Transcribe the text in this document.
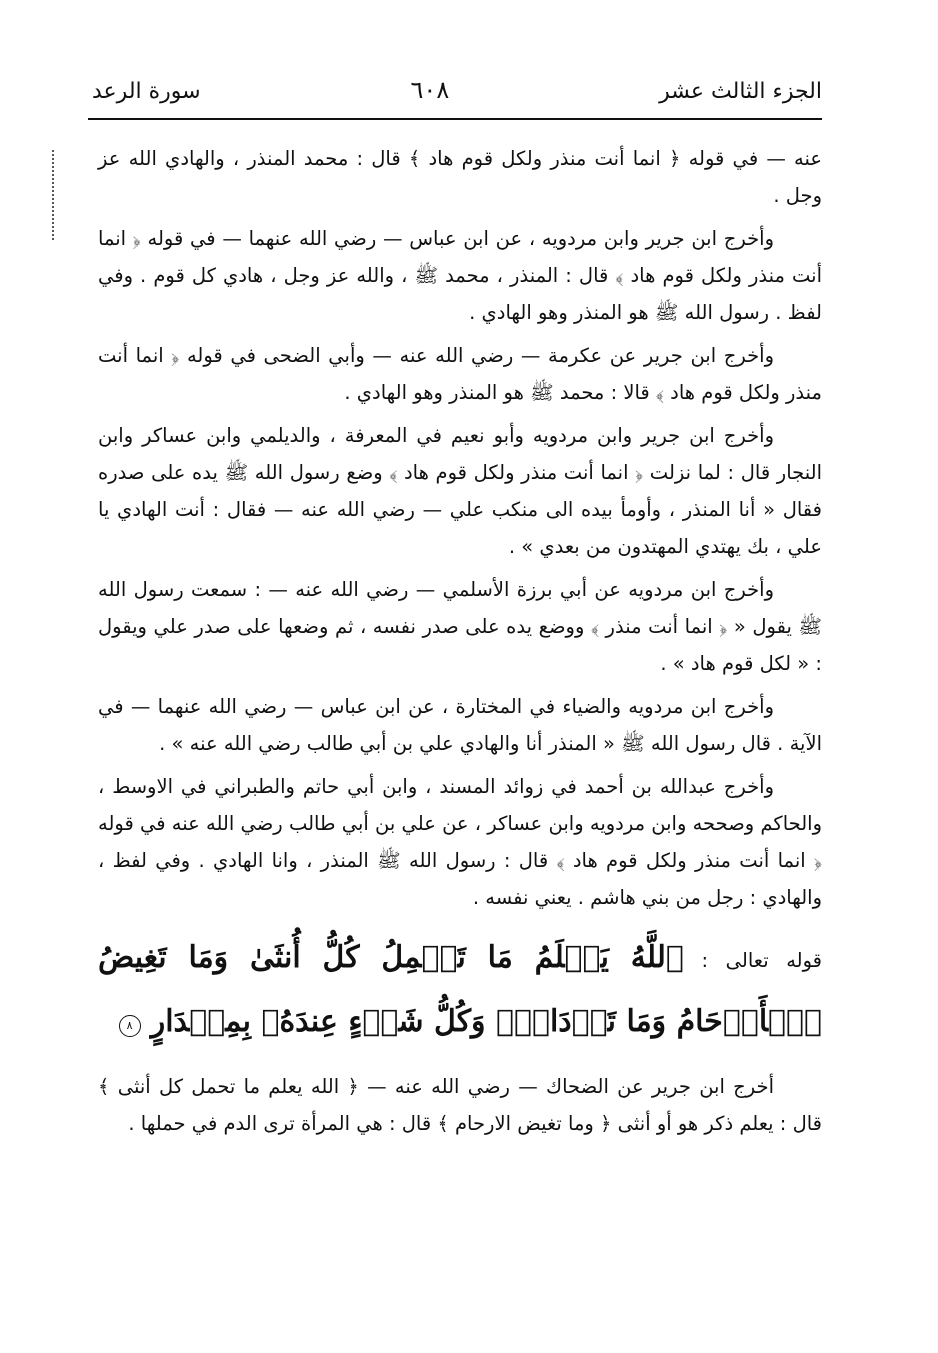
الجزء الثالث عشر
٦٠٨
سورة الرعد

عنه — في قوله ﴿ انما أنت منذر ولكل قوم هاد ﴾ قال : محمد المنذر ، والهادي الله عز وجل .

وأخرج ابن جرير وابن مردويه ، عن ابن عباس — رضي الله عنهما — في قوله ﴿ انما أنت منذر ولكل قوم هاد ﴾ قال : المنذر ، محمد ﷺ ، والله عز وجل ، هادي كل قوم . وفي لفظ . رسول الله ﷺ هو المنذر وهو الهادي .

وأخرج ابن جرير عن عكرمة — رضي الله عنه — وأبي الضحى في قوله ﴿ انما أنت منذر ولكل قوم هاد ﴾ قالا : محمد ﷺ هو المنذر وهو الهادي .

وأخرج ابن جرير وابن مردويه وأبو نعيم في المعرفة ، والديلمي وابن عساكر وابن النجار قال : لما نزلت ﴿ انما أنت منذر ولكل قوم هاد ﴾ وضع رسول الله ﷺ يده على صدره فقال « أنا المنذر ، وأومأ بيده الى منكب علي — رضي الله عنه — فقال : أنت الهادي يا علي ، بك يهتدي المهتدون من بعدي » .

وأخرج ابن مردويه عن أبي برزة الأسلمي — رضي الله عنه — : سمعت رسول الله ﷺ يقول « ﴿ انما أنت منذر ﴾ ووضع يده على صدر نفسه ، ثم وضعها على صدر علي ويقول : « لكل قوم هاد » .

وأخرج ابن مردويه والضياء في المختارة ، عن ابن عباس — رضي الله عنهما — في الآية . قال رسول الله ﷺ « المنذر أنا والهادي علي بن أبي طالب رضي الله عنه » .

وأخرج عبدالله بن أحمد في زوائد المسند ، وابن أبي حاتم والطبراني في الاوسط ، والحاكم وصححه وابن مردويه وابن عساكر ، عن علي بن أبي طالب رضي الله عنه في قوله ﴿ انما أنت منذر ولكل قوم هاد ﴾ قال : رسول الله ﷺ المنذر ، وانا الهادي . وفي لفظ ، والهادي : رجل من بني هاشم . يعني نفسه .

قوله تعالى : ٱللَّهُ يَعۡلَمُ مَا تَحۡمِلُ كُلُّ أُنثَىٰ وَمَا تَغِيضُ ٱلۡأَرۡحَامُ وَمَا تَزۡدَادُۖ وَكُلُّ شَيۡءٍ عِندَهُۥ بِمِقۡدَارٍ ٨

أخرج ابن جرير عن الضحاك — رضي الله عنه — ﴿ الله يعلم ما تحمل كل أنثى ﴾ قال : يعلم ذكر هو أو أنثى ﴿ وما تغيض الارحام ﴾ قال : هي المرأة ترى الدم في حملها .
